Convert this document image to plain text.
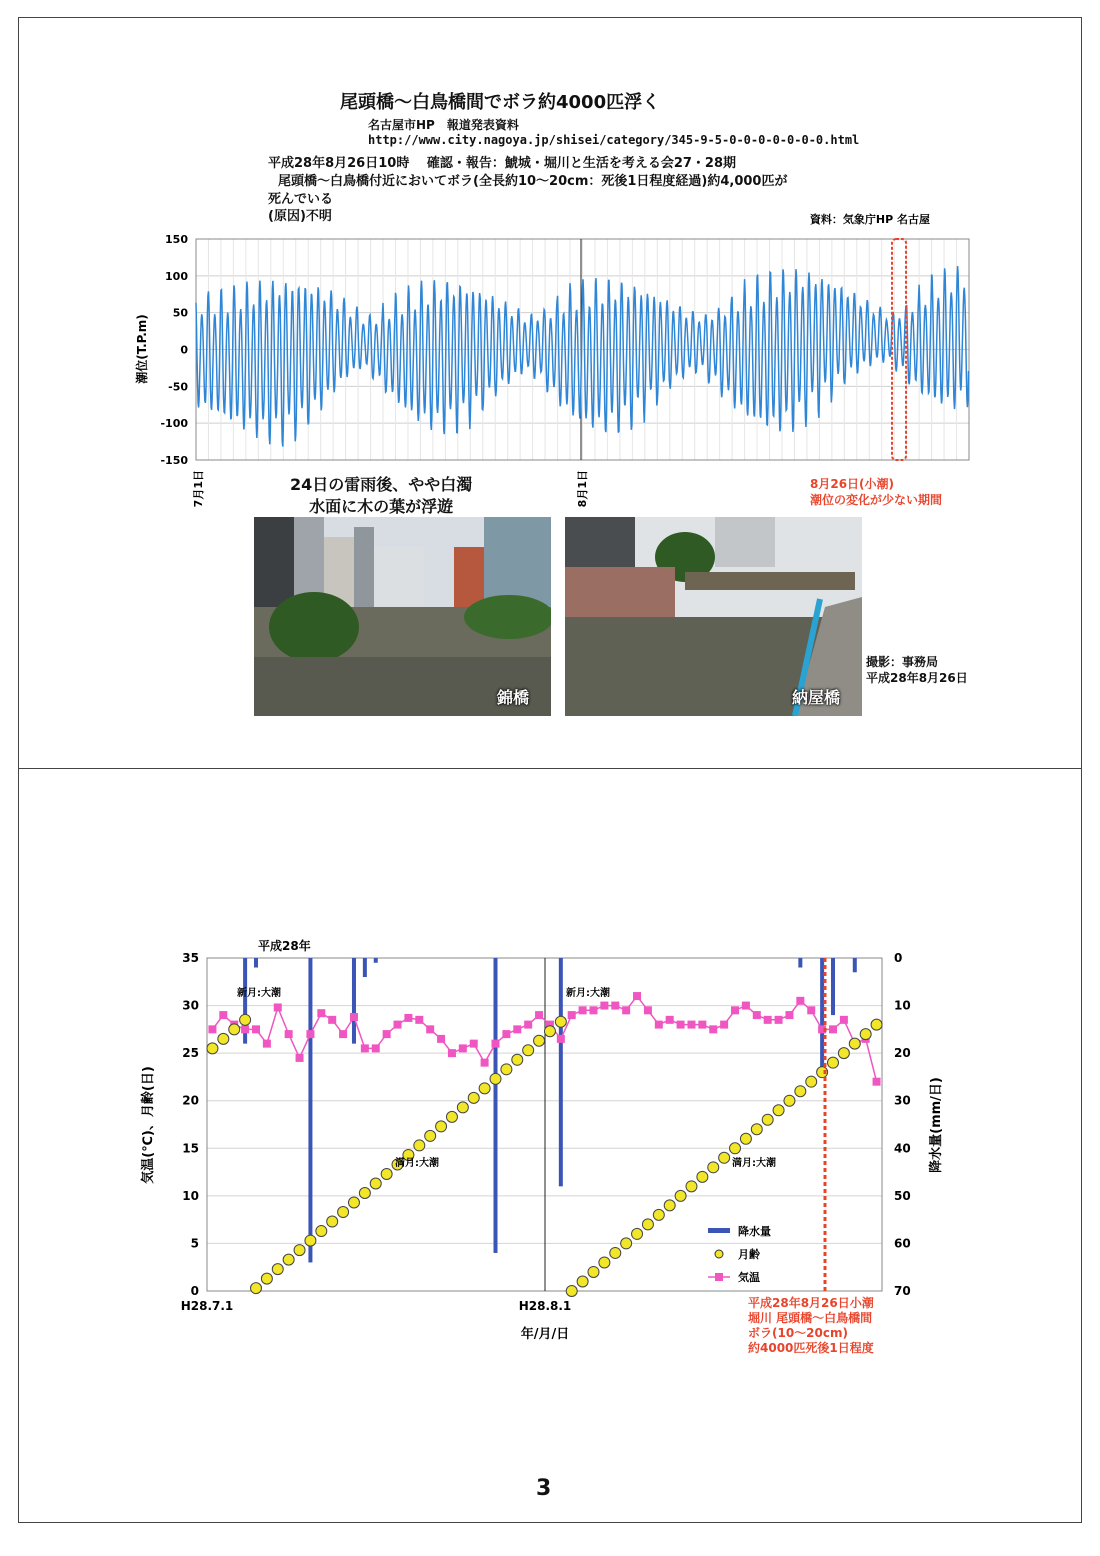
尾頭橋～白鳥橋間でボラ約4000匹浮く
名古屋市HP　報道発表資料
http://www.city.nagoya.jp/shisei/category/345-9-5-0-0-0-0-0-0-0.html
平成28年8月26日10時　 確認・報告：鯱城・堀川と生活を考える会27・28期
尾頭橋～白鳥橋付近においてボラ(全長約10～20cm：死後1日程度経過)約4,000匹が
死んでいる
(原因)不明
150
100
50
0
-50
-100
-150
潮位(T.P.m)
資料：気象庁HP 名古屋
7月1日	8月1日	8月26日(小潮)
潮位の変化が少ない期間
24日の雷雨後、やや白濁
水面に木の葉が浮遊
錦橋	納屋橋
撮影：事務局
平成28年8月26日
35
30
25
20
15
10
5
0
0
10
20
30
40
50
60
70
平成28年
気温(℃)、月齢(日)	降水量(mm/日)
年/月/日
H28.7.1	H28.8.1
新月:大潮
満月:大潮
新月:大潮
満月:大潮
降水量
月齢
気温
平成28年8月26日小潮
堀川 尾頭橋～白鳥橋間
ボラ(10～20cm)
約4000匹死後1日程度
3
